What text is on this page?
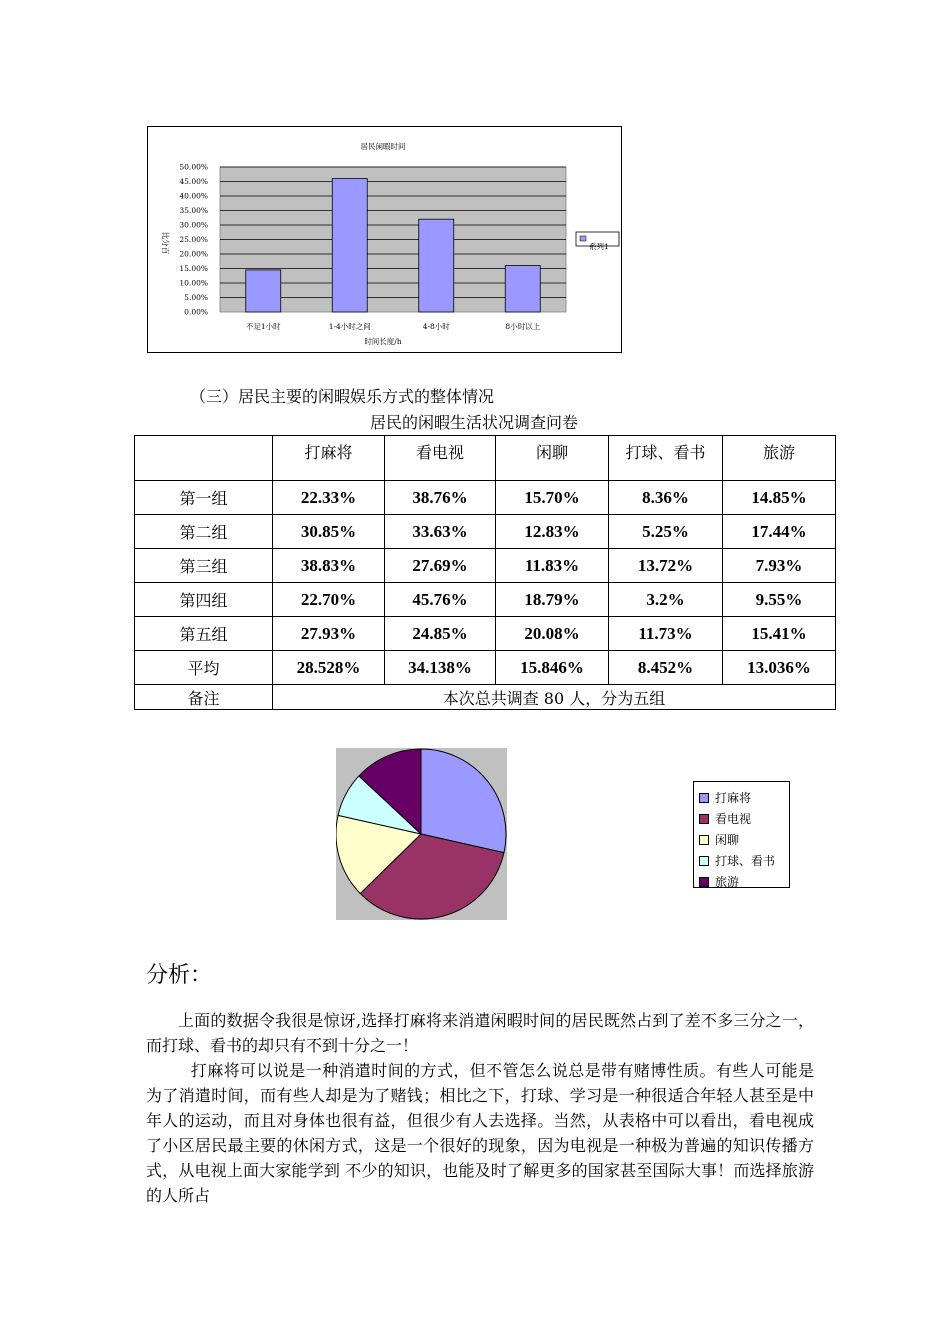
居民闲暇时间
0.00%
5.00%
10.00%
15.00%
20.00%
25.00%
30.00%
35.00%
40.00%
45.00%
50.00%
不足1小时	1-4小时之间	4-8小时	8小时以上
时间长度/h
比分百	系列1
（三）居民主要的闲暇娱乐方式的整体情况
居民的闲暇生活状况调查问卷
	打麻将	看电视	闲聊	打球、看书	旅游
第一组	22.33%	38.76%	15.70%	8.36%	14.85%
第二组	30.85%	33.63%	12.83%	5.25%	17.44%
第三组	38.83%	27.69%	11.83%	13.72%	7.93%
第四组	22.70%	45.76%	18.79%	3.2%	9.55%
第五组	27.93%	24.85%	20.08%	11.73%	15.41%
平均	28.528%	34.138%	15.846%	8.452%	13.036%
备注	本次总共调查 80 人，分为五组				
打麻将
看电视
闲聊
打球、看书
旅游
分析：

上面的数据令我很是惊讶,选择打麻将来消遣闲暇时间的居民既然占到了差不多三分之一，而打球、看书的却只有不到十分之一！

打麻将可以说是一种消遣时间的方式，但不管怎么说总是带有赌博性质。有些人可能是为了消遣时间，而有些人却是为了赌钱；相比之下，打球、学习是一种很适合年轻人甚至是中年人的运动，而且对身体也很有益，但很少有人去选择。当然，从表格中可以看出，看电视成了小区居民最主要的休闲方式，这是一个很好的现象，因为电视是一种极为普遍的知识传播方式，从电视上面大家能学到 不少的知识，也能及时了解更多的国家甚至国际大事！而选择旅游的人所占
